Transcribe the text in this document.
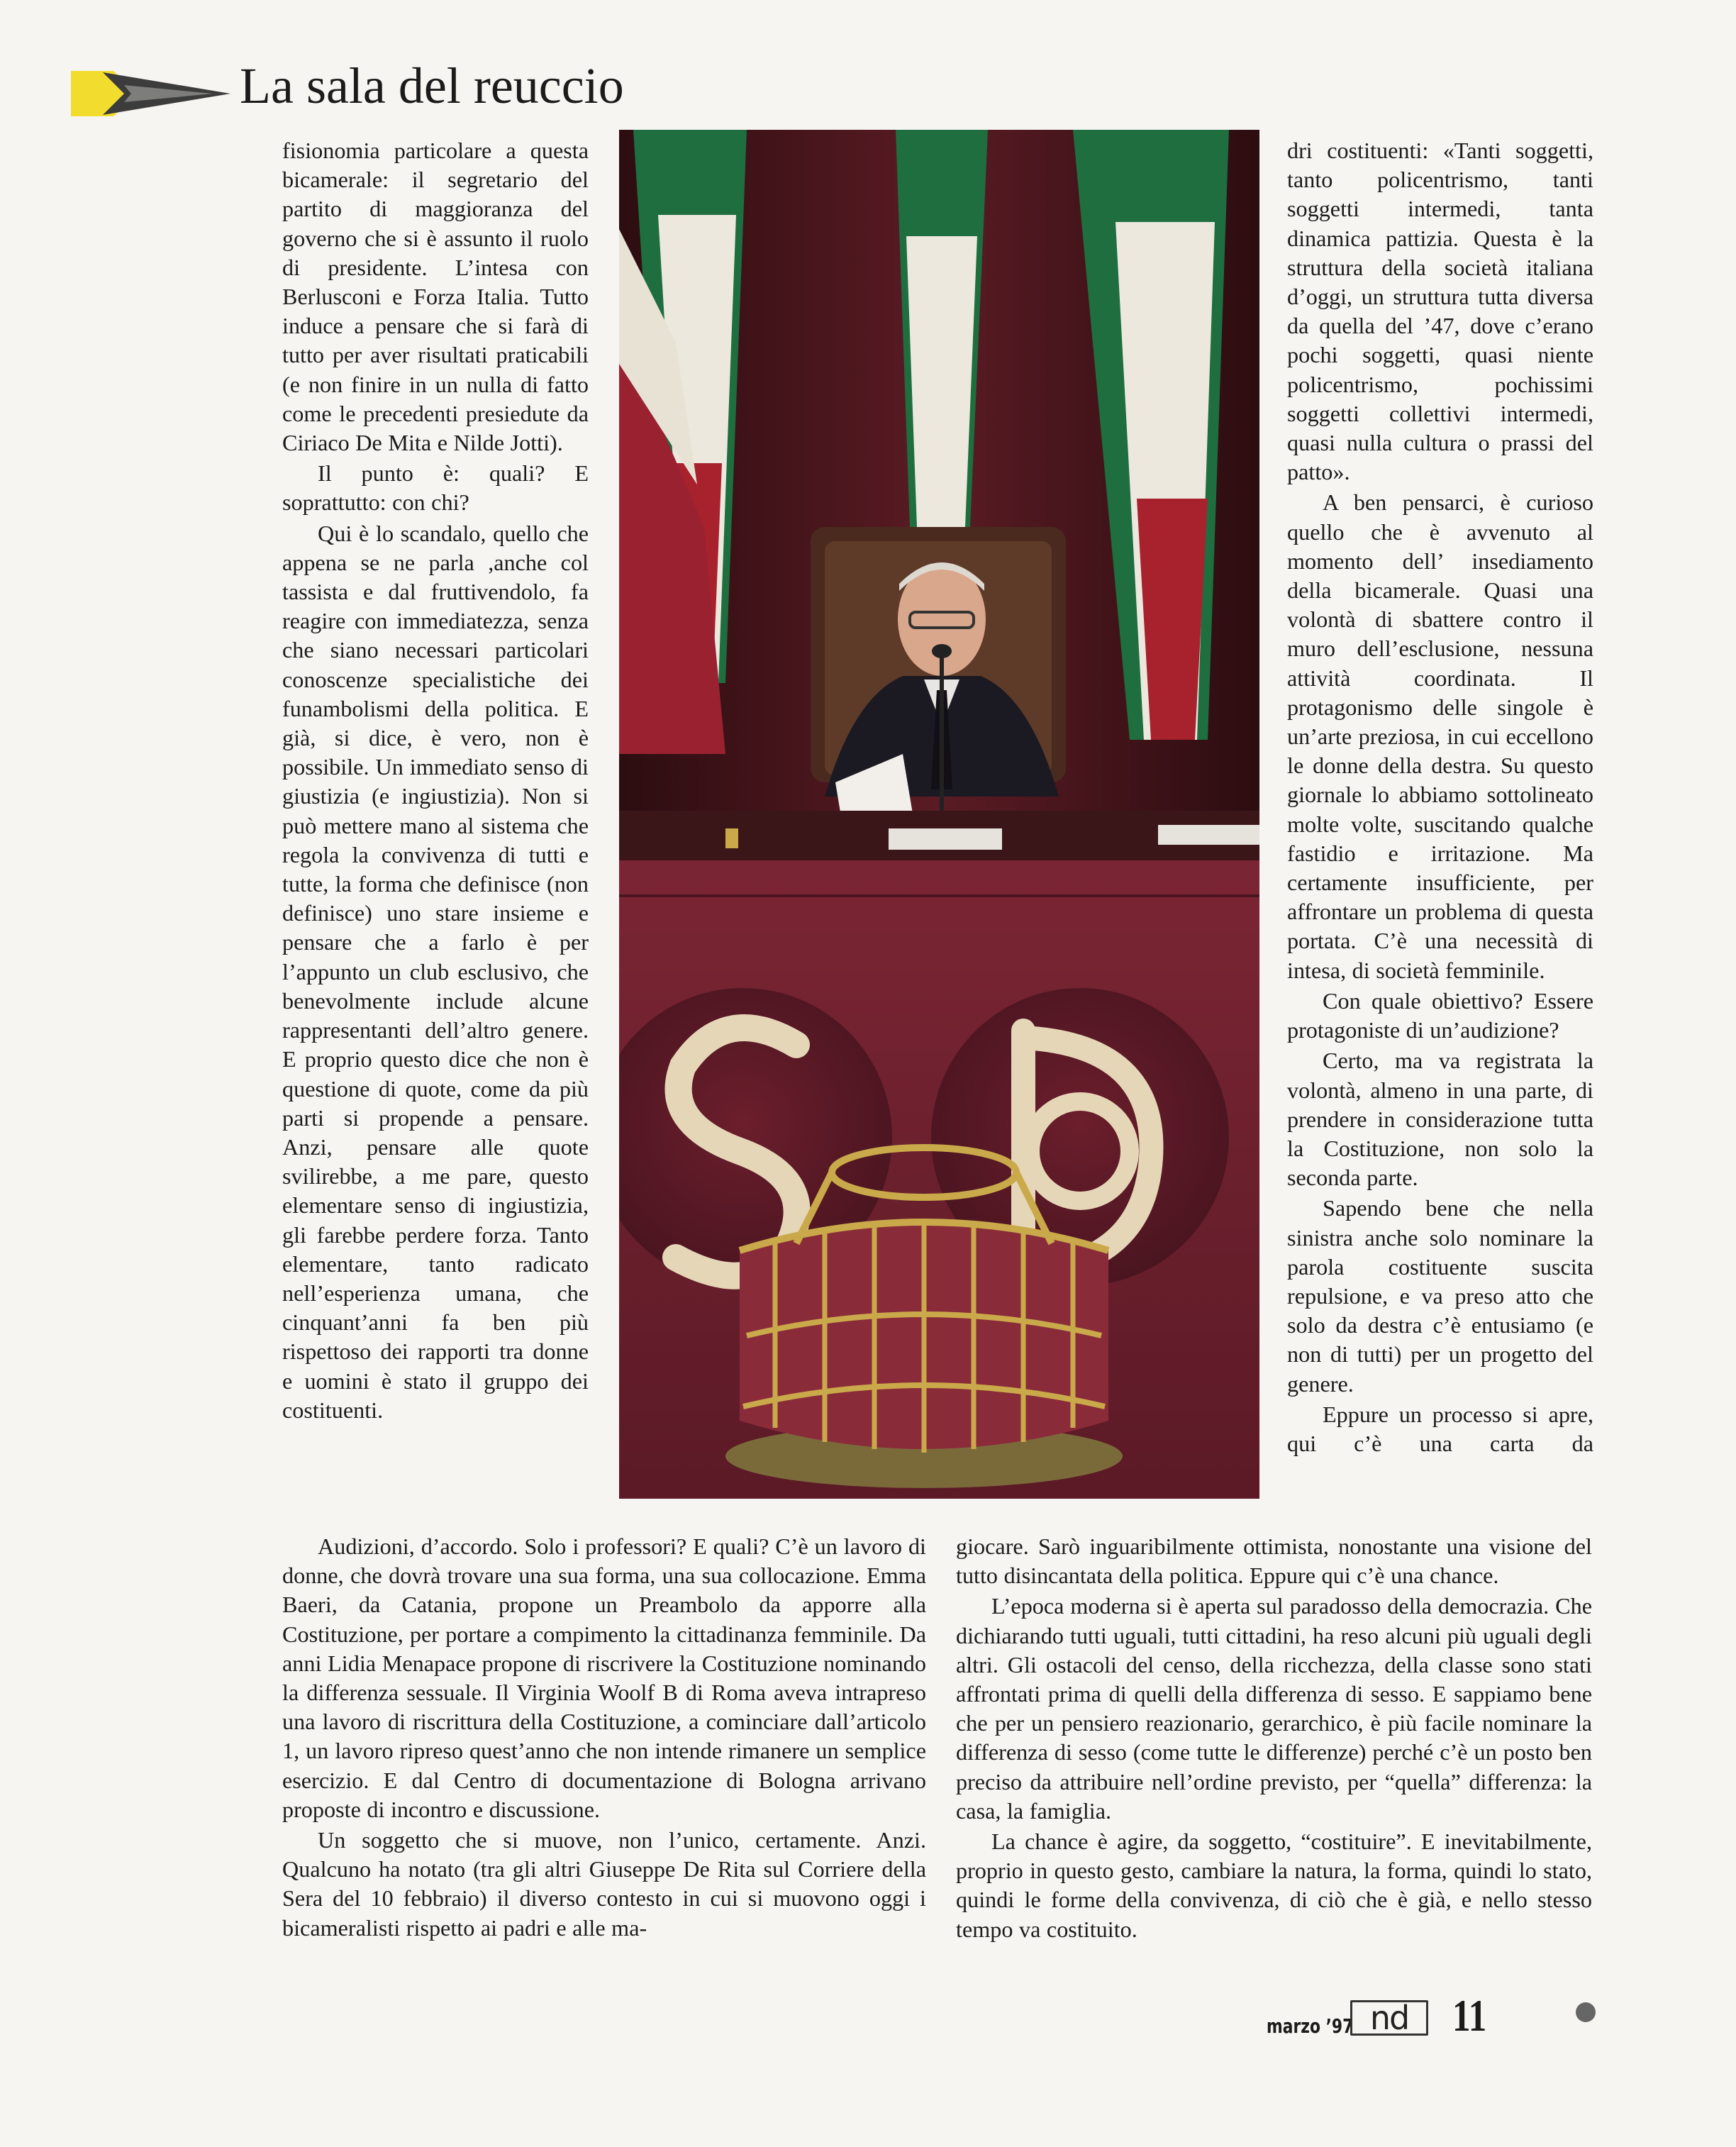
La sala del reuccio

fisionomia particolare a questa bicamerale: il segretario del partito di maggioranza del governo che si è assunto il ruolo di presidente. L’intesa con Berlusconi e Forza Italia. Tutto induce a pensare che si farà di tutto per aver risultati praticabili (e non finire in un nulla di fatto come le precedenti presiedute da Ciriaco De Mita e Nilde Jotti).

Il punto è: quali? E soprattutto: con chi?

Qui è lo scandalo, quello che appena se ne parla ,anche col tassista e dal fruttivendolo, fa reagire con immediatezza, senza che siano necessari particolari conoscenze specialistiche dei funambolismi della politica. E già, si dice, è vero, non è possibile. Un immediato senso di giustizia (e ingiustizia). Non si può mettere mano al sistema che regola la convivenza di tutti e tutte, la forma che definisce (non definisce) uno stare insieme e pensare che a farlo è per l’appunto un club esclusivo, che benevolmente include alcune rappresentanti dell’altro genere. E proprio questo dice che non è questione di quote, come da più parti si propende a pensare. Anzi, pensare alle quote svilirebbe, a me pare, questo elementare senso di ingiustizia, gli farebbe perdere forza. Tanto elementare, tanto radicato nell’esperienza umana, che cinquant’anni fa ben più rispettoso dei rapporti tra donne e uomini è stato il gruppo dei costituenti.

dri costituenti: «Tanti soggetti, tanto policentrismo, tanti soggetti intermedi, tanta dinamica pattizia. Questa è la struttura della società italiana d’oggi, un struttura tutta diversa da quella del ’47, dove c’erano pochi soggetti, quasi niente policentrismo, pochissimi soggetti collettivi intermedi, quasi nulla cultura o prassi del patto».

A ben pensarci, è curioso quello che è avvenuto al momento dell’ insediamento della bicamerale. Quasi una volontà di sbattere contro il muro dell’esclusione, nessuna attività coordinata. Il protagonismo delle singole è un’arte preziosa, in cui eccellono le donne della destra. Su questo giornale lo abbiamo sottolineato molte volte, suscitando qualche fastidio e irritazione. Ma certamente insufficiente, per affrontare un problema di questa portata. C’è una necessità di intesa, di società femminile.

Con quale obiettivo? Essere protagoniste di un’audizione?

Certo, ma va registrata la volontà, almeno in una parte, di prendere in considerazione tutta la Costituzione, non solo la seconda parte.

Sapendo bene che nella sinistra anche solo nominare la parola costituente suscita repulsione, e va preso atto che solo da destra c’è entusiamo (e non di tutti) per un progetto del genere.

Eppure un processo si apre, qui c’è una carta da

Audizioni, d’accordo. Solo i professori? E quali? C’è un lavoro di donne, che dovrà trovare una sua forma, una sua collocazione. Emma Baeri, da Catania, propone un Preambolo da apporre alla Costituzione, per portare a compimento la cittadinanza femminile. Da anni Lidia Menapace propone di riscrivere la Costituzione nominando la differenza sessuale. Il Virginia Woolf B di Roma aveva intrapreso una lavoro di riscrittura della Costituzione, a cominciare dall’articolo 1, un lavoro ripreso quest’anno che non intende rimanere un semplice esercizio. E dal Centro di documentazione di Bologna arrivano proposte di incontro e discussione.

Un soggetto che si muove, non l’unico, certamente. Anzi. Qualcuno ha notato (tra gli altri Giuseppe De Rita sul Corriere della Sera del 10 febbraio) il diverso contesto in cui si muovono oggi i bicameralisti rispetto ai padri e alle ma-

giocare. Sarò inguaribilmente ottimista, nonostante una visione del tutto disincantata della politica. Eppure qui c’è una chance.

L’epoca moderna si è aperta sul paradosso della democrazia. Che dichiarando tutti uguali, tutti cittadini, ha reso alcuni più uguali degli altri. Gli ostacoli del censo, della ricchezza, della classe sono stati affrontati prima di quelli della differenza di sesso. E sappiamo bene che per un pensiero reazionario, gerarchico, è più facile nominare la differenza di sesso (come tutte le differenze) perché c’è un posto ben preciso da attribuire nell’ordine previsto, per “quella” differenza: la casa, la famiglia.

La chance è agire, da soggetto, “costituire”. E inevitabilmente, proprio in questo gesto, cambiare la natura, la forma, quindi lo stato, quindi le forme della convivenza, di ciò che è già, e nello stesso tempo va costituito.

marzo ’97 nd 11
